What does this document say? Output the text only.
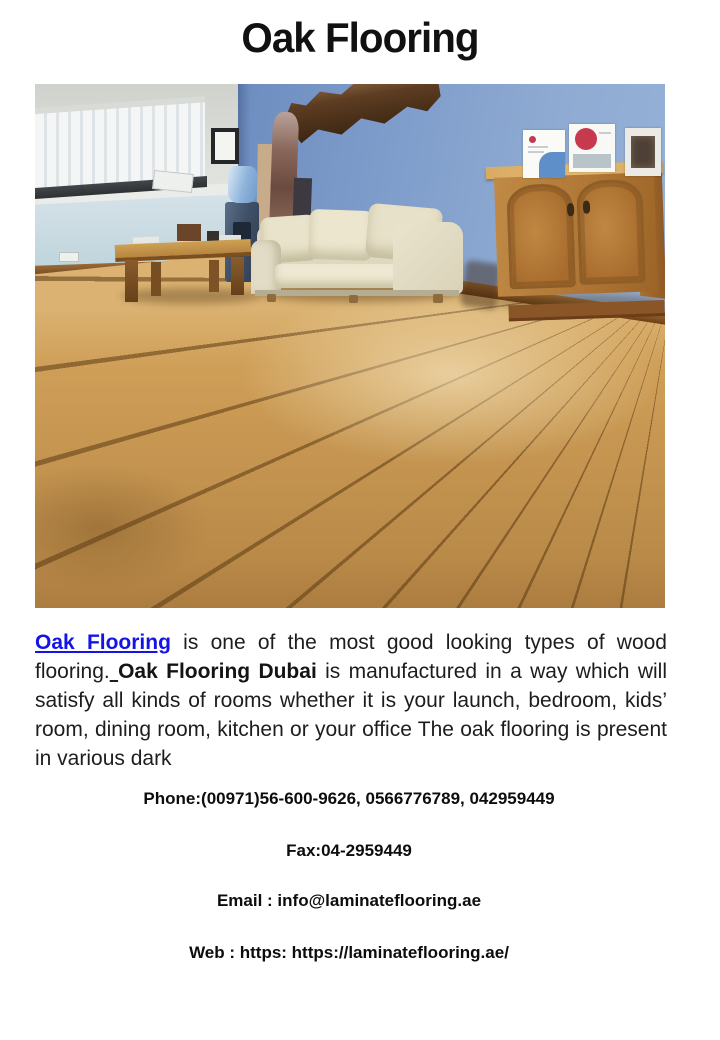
Oak Flooring
Oak Flooring is one of the most good looking types of wood flooring. Oak Flooring Dubai is manufactured in a way which will satisfy all kinds of rooms whether it is your launch, bedroom, kids’ room, dining room, kitchen or your office The oak flooring is present in various dark
Phone:(00971)56-600-9626, 0566776789, 042959449
Fax:04-2959449
Email : info@laminateflooring.ae
Web : https: https://laminateflooring.ae/
